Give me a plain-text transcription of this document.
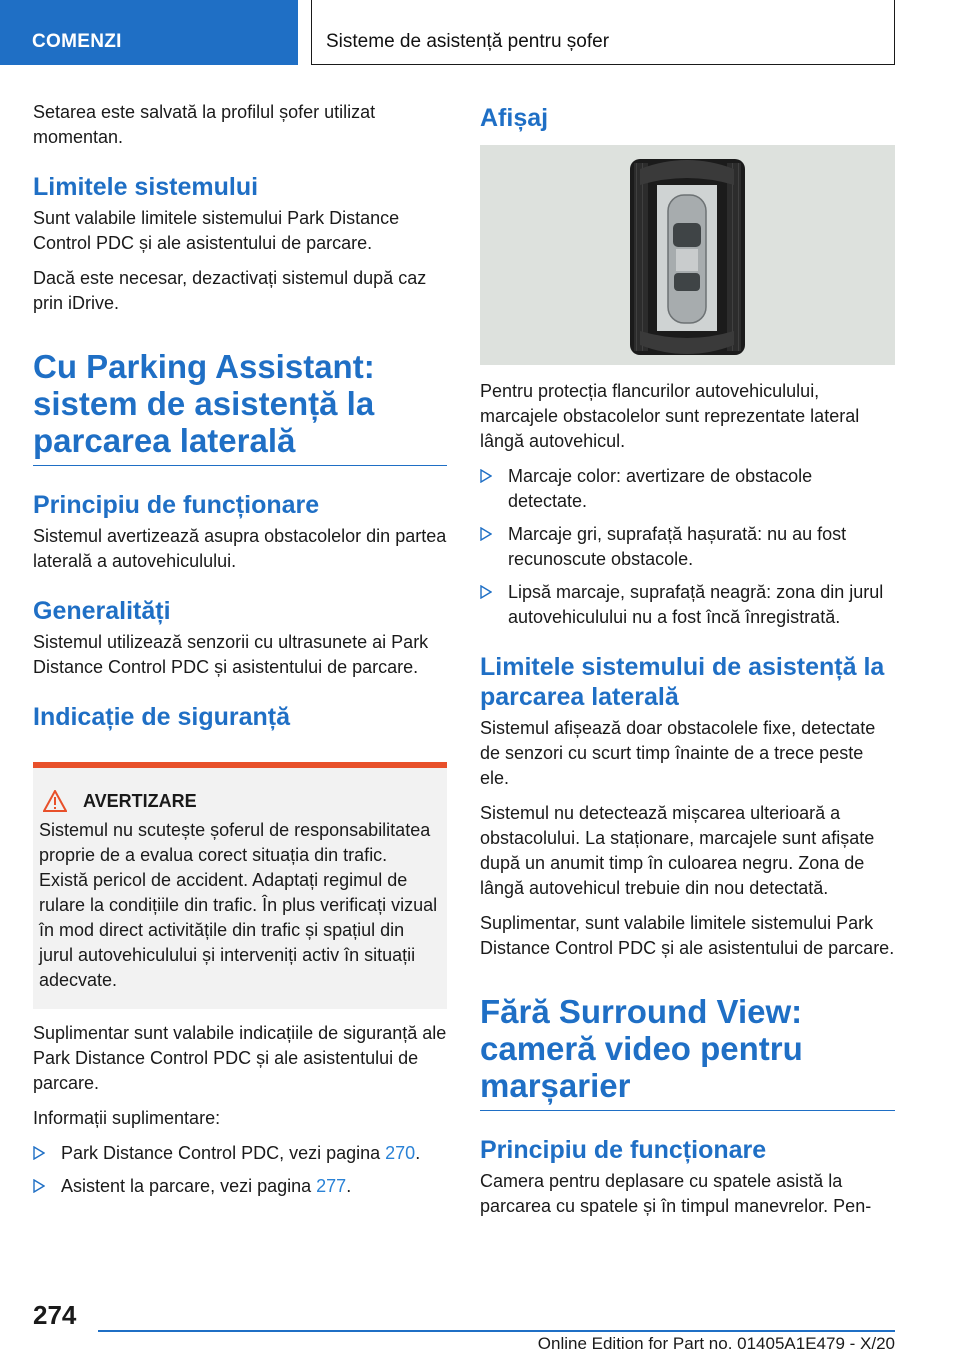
COMENZI	Sisteme de asistență pentru șofer

Setarea este salvată la profilul șofer utilizat momentan.

Limitele sistemului

Sunt valabile limitele sistemului Park Distance Control PDC și ale asistentului de parcare.

Dacă este necesar, dezactivați sistemul după caz prin iDrive.

Cu Parking Assistant: sistem de asistență la parcarea laterală
Principiu de funcționare

Sistemul avertizează asupra obstacolelor din partea laterală a autovehiculului.

Generalități

Sistemul utilizează senzorii cu ultrasunete ai Park Distance Control PDC și asistentului de parcare.

Indicație de siguranță
AVERTIZARE

Sistemul nu scutește șoferul de responsabilitatea proprie de a evalua corect situația din trafic. Există pericol de accident. Adaptați regimul de rulare la condițiile din trafic. În plus verificați vizual în mod direct activitățile din trafic și spațiul din jurul autovehiculului și interveniți activ în situații adecvate.

Suplimentar sunt valabile indicațiile de siguranță ale Park Distance Control PDC și ale asistentului de parcare.

Informații suplimentare:

Park Distance Control PDC, vezi pagina 270.
Asistent la parcare, vezi pagina 277.
Afișaj

Pentru protecția flancurilor autovehiculului, marcajele obstacolelor sunt reprezentate lateral lângă autovehicul.

Marcaje color: avertizare de obstacole detectate.
Marcaje gri, suprafață hașurată: nu au fost recunoscute obstacole.
Lipsă marcaje, suprafață neagră: zona din jurul autovehiculului nu a fost încă înregistrată.
Limitele sistemului de asistență la parcarea laterală

Sistemul afișează doar obstacolele fixe, detectate de senzori cu scurt timp înainte de a trece peste ele.

Sistemul nu detectează mișcarea ulterioară a obstacolului. La staționare, marcajele sunt afișate după un anumit timp în culoarea negru. Zona de lângă autovehicul trebuie din nou detectată.

Suplimentar, sunt valabile limitele sistemului Park Distance Control PDC și ale asistentului de parcare.

Fără Surround View: cameră video pentru marșarier
Principiu de funcționare

Camera pentru deplasare cu spatele asistă la parcarea cu spatele și în timpul manevrelor. Pen-

274
Online Edition for Part no. 01405A1E479 - X/20
